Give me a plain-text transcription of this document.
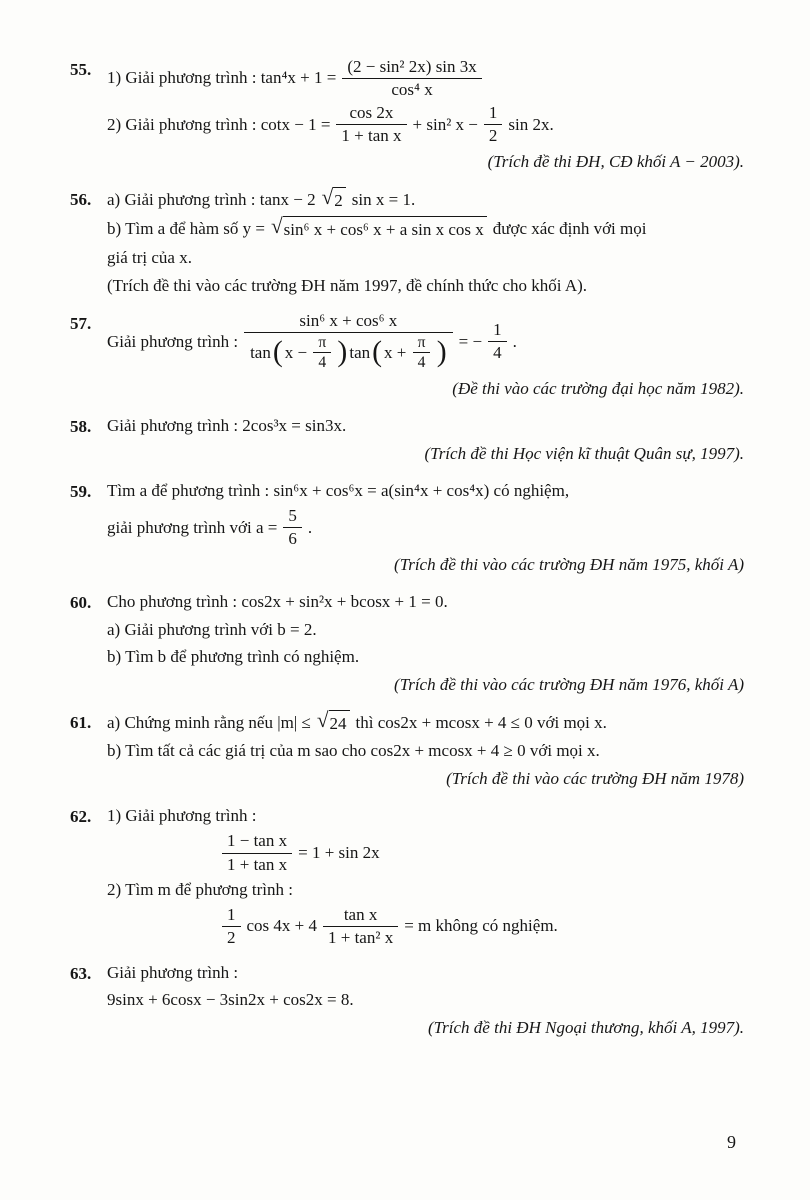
55. 1) Giải phương trình : $\tan^4x + 1 = \frac{\text{(2 − sin² 2x) sin 3x}}{\text{cos⁴ x}}$
2) Giải phương trình : $\cot x - 1 = \frac{\cos 2x}{\text{1 + tan x}} + \sin^2$ $x - \frac{1}{2}$ sin 2x.
(Trích đề thi ĐH, CĐ khối A − 2003).
56. a) Giải phương trình : tanx − 2 √ 2 sin x = 1.
b) Tìm a để hàm số y = √ sin⁶ x + cos⁶ x + a sin x cos x được xác định với mọi
giá trị của x.
(Trích đề thi vào các trường ĐH năm 1997, đề chính thức cho khối A).
57.
Giải phương trình :
sin⁶ x + cos⁶ x
tan( $x - \frac{\pi}{4}$ ) tan( $x + \frac{\pi}{4}$ ) = − $\frac{1}{4}$ .
(Đề thi vào các trường đại học năm 1982).
58. Giải phương trình : 2cos³x = sin3x.
(Trích đề thi Học viện kĩ thuật Quân sự, 1997).
59. Tìm a để phương trình : sin⁶x + cos⁶x = a(sin⁴x + cos⁴x) có nghiệm,
giải phương trình với $a = \frac{5}{6}$ .
(Trích đề thi vào các trường ĐH năm 1975, khối A)
60. Cho phương trình : cos2x + sin²x + bcosx + 1 = 0.
a) Giải phương trình với b = 2.
b) Tìm b để phương trình có nghiệm.
(Trích đề thi vào các trường ĐH năm 1976, khối A)
61. a) Chứng minh rằng nếu |m| ≤ √ 24 thì cos2x + mcosx + 4 ≤ 0 với mọi x.
b) Tìm tất cả các giá trị của m sao cho cos2x + mcosx + 4 ≥ 0 với mọi x.
(Trích đề thi vào các trường ĐH năm 1978)
62. 1) Giải phương trình :
$\frac{\text{1 − tan x}}{\text{1 + tan x}} = 1 + \sin 2x$
2) Tìm m để phương trình :
$\frac{1}{2}$ $\cos 4x + 4 \frac{\text{tan x}}{\text{1 + tan² x}} = m$ không có nghiệm.
63. Giải phương trình :
9sinx + 6cosx − 3sin2x + cos2x = 8.
(Trích đề thi ĐH Ngoại thương, khối A, 1997).
9
